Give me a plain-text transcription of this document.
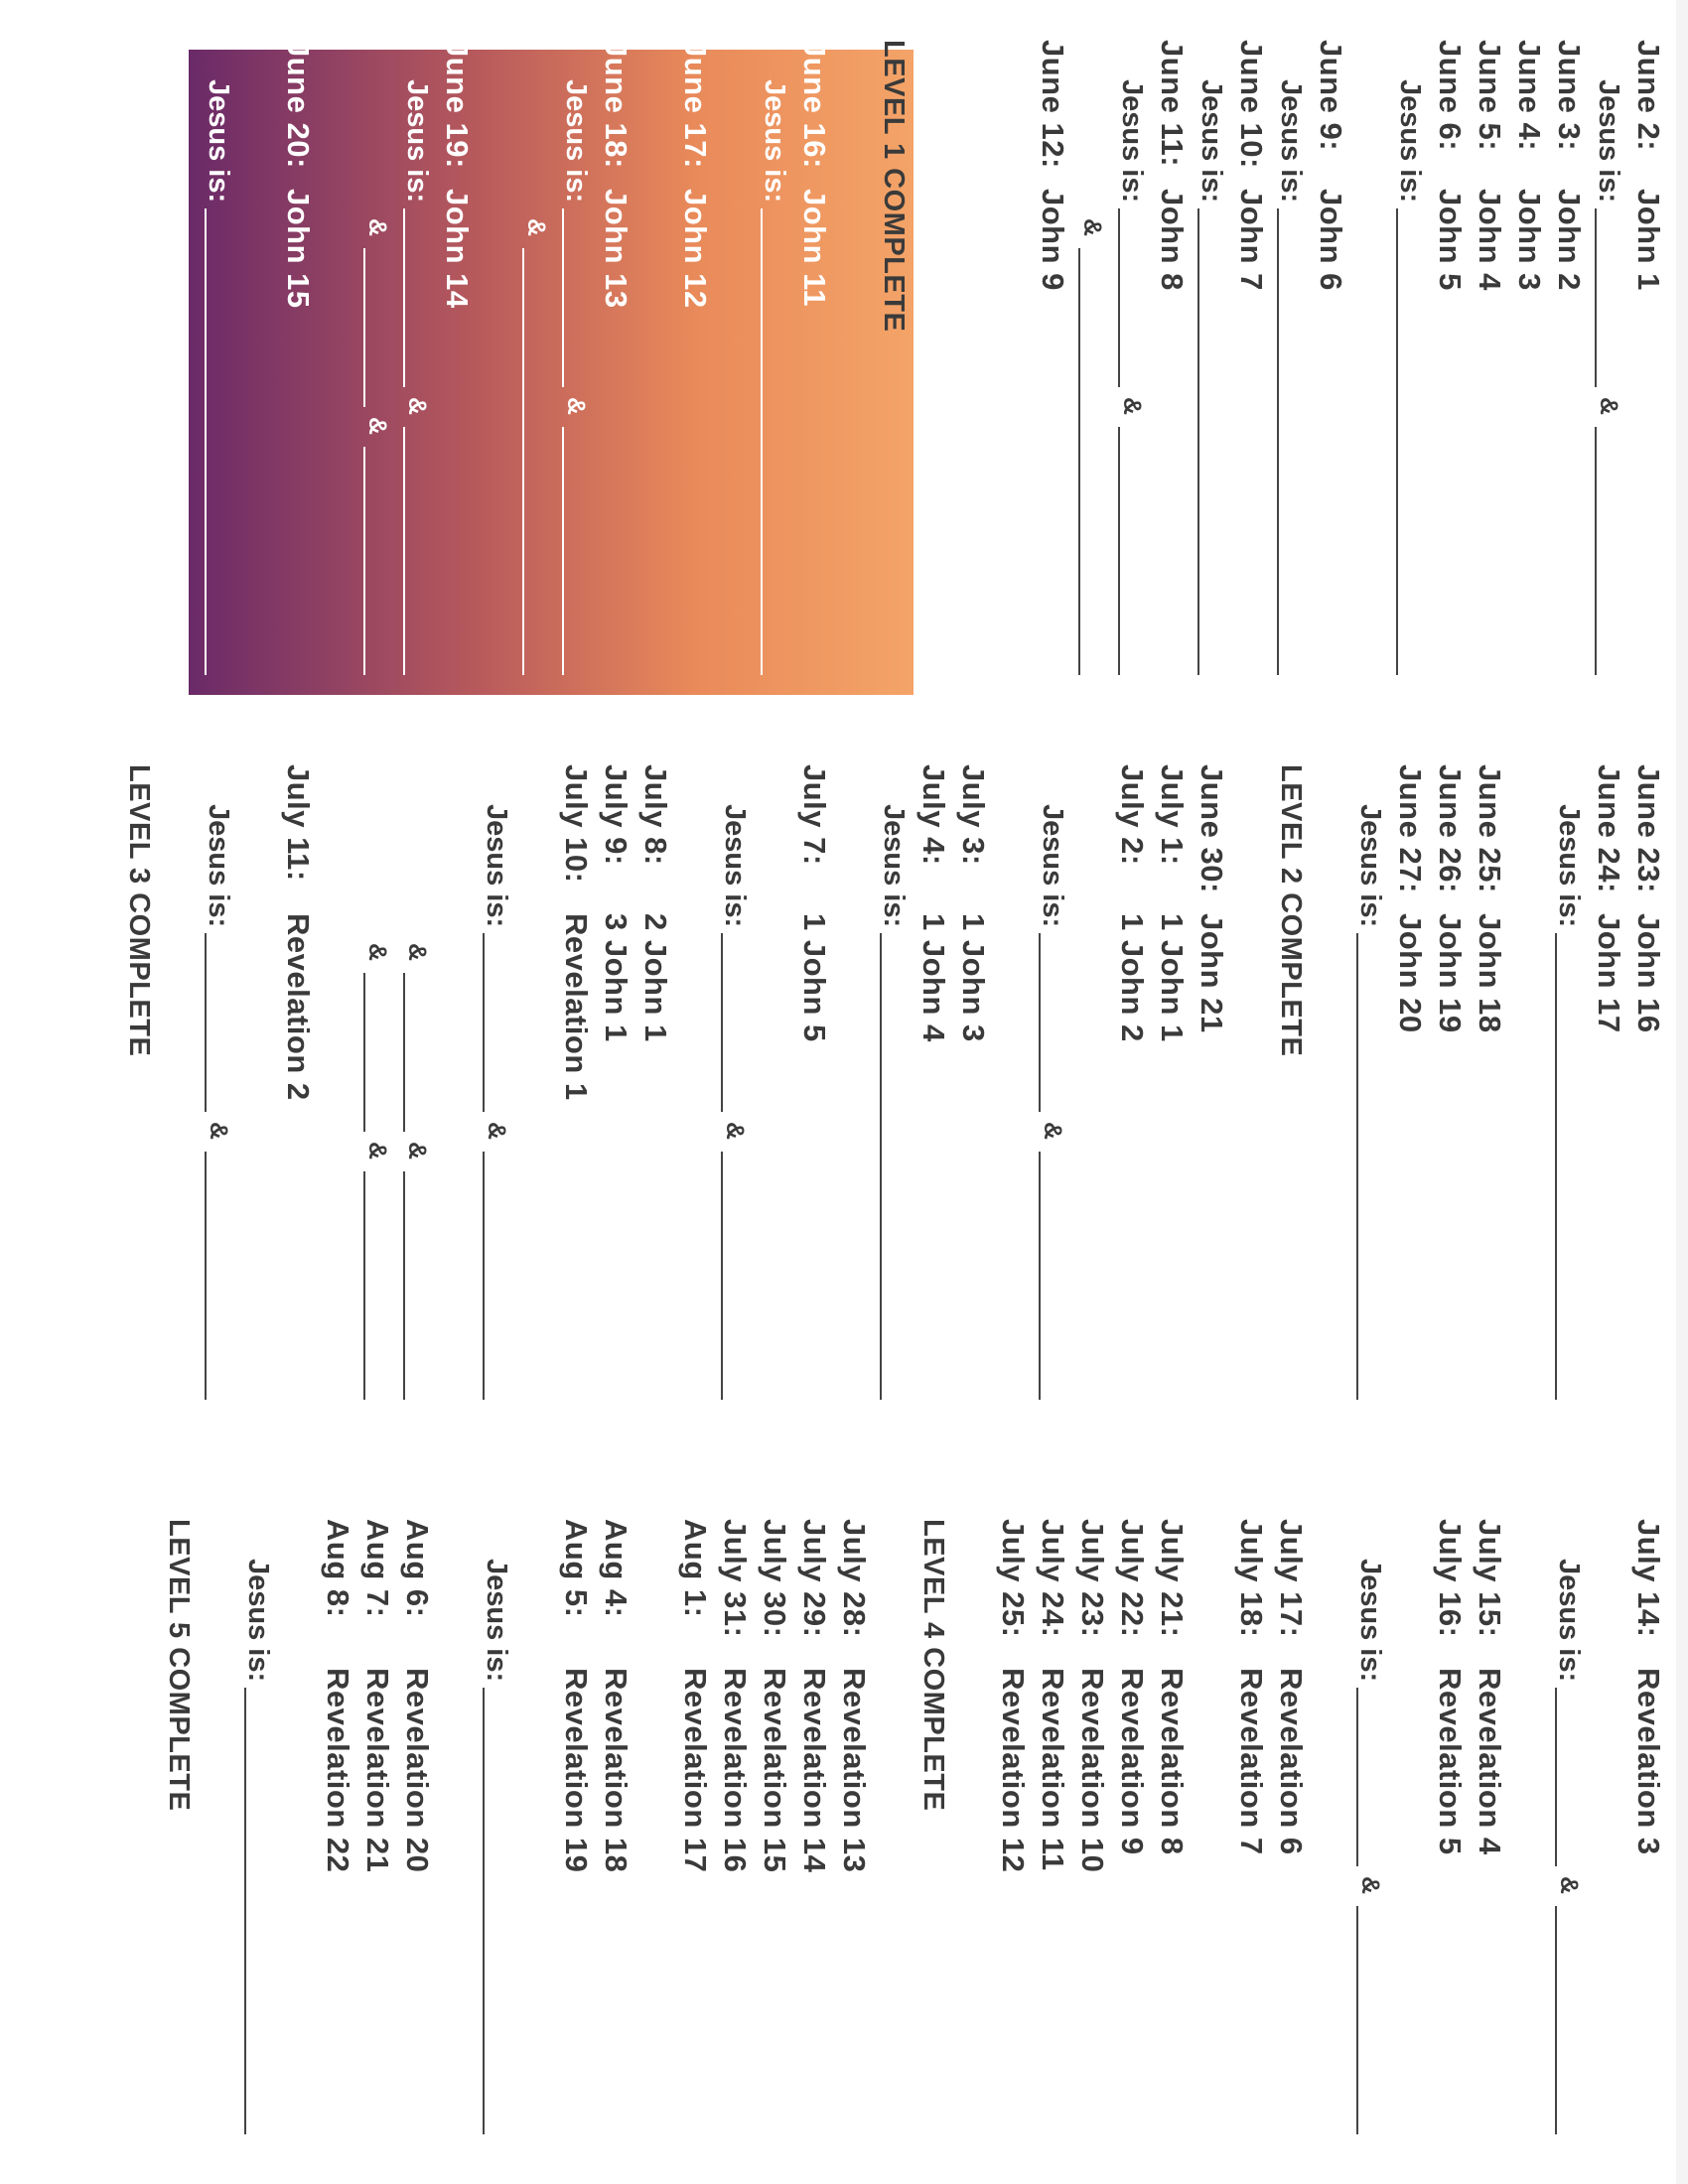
June 2:John 1
Jesus is:
&
June 3:John 2
June 4:John 3
June 5:John 4
June 6:John 5
Jesus is:
June 9:John 6
Jesus is:
June 10:John 7
Jesus is:
June 11:John 8
Jesus is:
&
&
June 12:John 9
June 13:John 10
Jesus is:
&
LEVEL 1 COMPLETE
June 16:John 11
Jesus is:
June 17:John 12
June 18:John 13
Jesus is:
&
&
June 19:John 14
Jesus is:
&
&
&
June 20:John 15
Jesus is:
June 23:John 16
June 24:John 17
Jesus is:
June 25:John 18
June 26:John 19
June 27:John 20
Jesus is:
LEVEL 2 COMPLETE
June 30:John 21
July 1:1 John 1
July 2:1 John 2
Jesus is:
&
July 3:1 John 3
July 4:1 John 4
Jesus is:
July 7:1 John 5
Jesus is:
&
July 8:2 John 1
July 9:3 John 1
July 10:Revelation 1
Jesus is:
&
&
&
&
&
July 11:Revelation 2
Jesus is:
&
LEVEL 3 COMPLETE
July 14:Revelation 3
Jesus is:
&
July 15:Revelation 4
July 16:Revelation 5
Jesus is:
&
July 17:Revelation 6
July 18:Revelation 7
July 21:Revelation 8
July 22:Revelation 9
July 23:Revelation 10
July 24:Revelation 11
July 25:Revelation 12
LEVEL 4 COMPLETE
July 28:Revelation 13
July 29:Revelation 14
July 30:Revelation 15
July 31:Revelation 16
Aug 1:Revelation 17
Aug 4:Revelation 18
Aug 5:Revelation 19
Jesus is:
Aug 6:Revelation 20
Aug 7:Revelation 21
Aug 8:Revelation 22
Jesus is:
LEVEL 5 COMPLETE
